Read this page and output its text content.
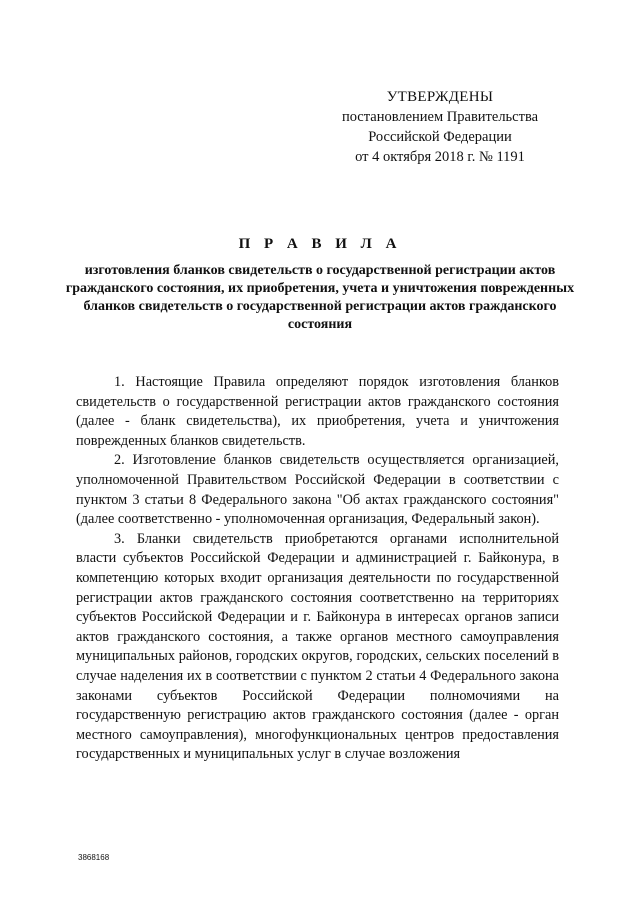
УТВЕРЖДЕНЫ
постановлением Правительства
Российской Федерации
от 4 октября 2018 г. № 1191
П Р А В И Л А
изготовления бланков свидетельств о государственной регистрации актов гражданского состояния, их приобретения, учета и уничтожения поврежденных бланков свидетельств о государственной регистрации актов гражданского состояния

1. Настоящие Правила определяют порядок изготовления бланков свидетельств о государственной регистрации актов гражданского состояния (далее - бланк свидетельства), их приобретения, учета и уничтожения поврежденных бланков свидетельств.

2. Изготовление бланков свидетельств осуществляется организацией, уполномоченной Правительством Российской Федерации в соответствии с пунктом 3 статьи 8 Федерального закона "Об актах гражданского состояния" (далее соответственно - уполномоченная организация, Федеральный закон).

3. Бланки свидетельств приобретаются органами исполнительной власти субъектов Российской Федерации и администрацией г. Байконура, в компетенцию которых входит организация деятельности по государственной регистрации актов гражданского состояния соответственно на территориях субъектов Российской Федерации и г. Байконура в интересах органов записи актов гражданского состояния, а также органов местного самоуправления муниципальных районов, городских округов, городских, сельских поселений в случае наделения их в соответствии с пунктом 2 статьи 4 Федерального закона законами субъектов Российской Федерации полномочиями на государственную регистрацию актов гражданского состояния (далее - орган местного самоуправления), многофункциональных центров предоставления государственных и муниципальных услуг в случае возложения

3868168
